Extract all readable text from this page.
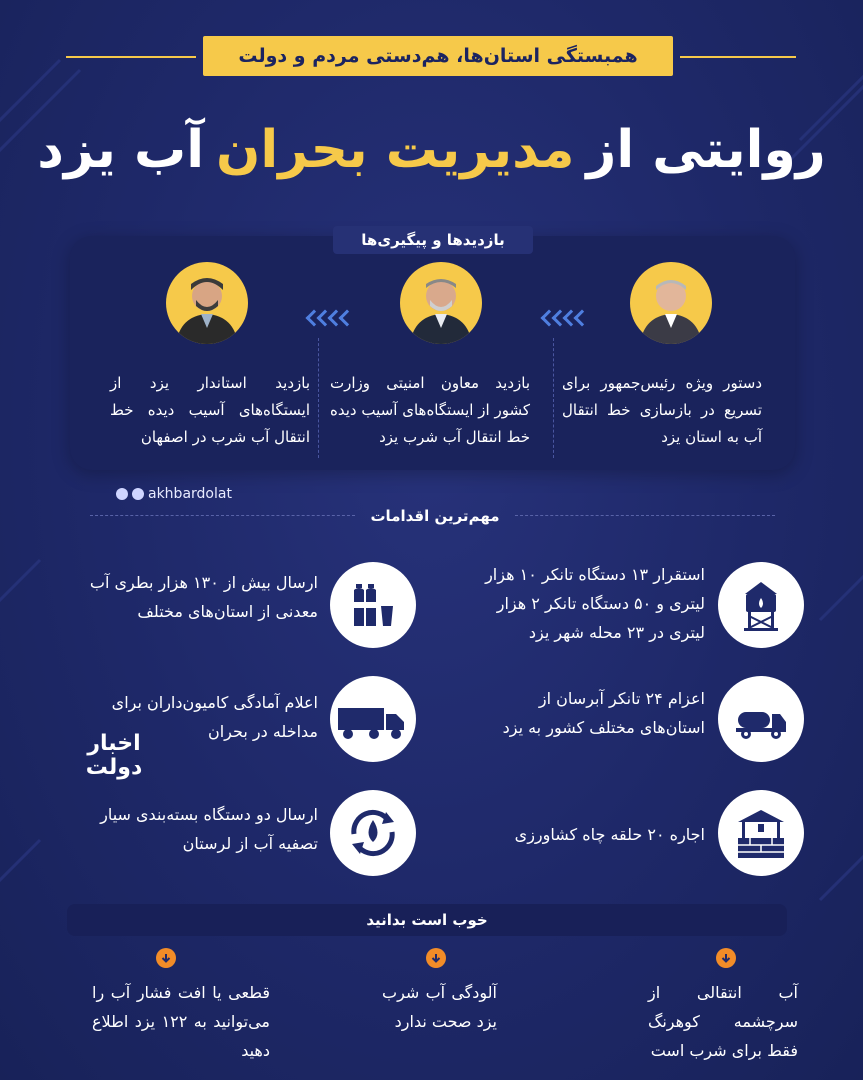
همبستگی استان‌ها، هم‌دستی مردم و دولت
روایتی از
مدیریت بحران
آب یزد
بازدیدها و پیگیری‌ها
دستور ویژه رئیس‌جمهور برای تسریع در بازسازی خط انتقال آب به استان یزد
بازدید معاون امنیتی وزارت کشور از ایستگاه‌های آسیب دیده خط انتقال آب شرب یزد
بازدید استاندار یزد از ایستگاه‌های آسیب دیده خط انتقال آب شرب در اصفهان
akhbardolat
مهم‌ترین اقدامات
استقرار ۱۳ دستگاه تانکر ۱۰ هزار لیتری و ۵۰ دستگاه تانکر ۲ هزار لیتری در ۲۳ محله شهر یزد
ارسال بیش از ۱۳۰ هزار بطری آب معدنی از استان‌های مختلف
اعزام ۲۴ تانکر آبرسان از استان‌های مختلف کشور به یزد
اعلام آمادگی کامیون‌داران برای مداخله در بحران
اجاره ۲۰ حلقه چاه کشاورزی
ارسال دو دستگاه بسته‌بندی سیار تصفیه آب از لرستان
اخبار
دولت
خوب است بدانید
آب انتقالی از سرچشمه کوهرنگ فقط برای شرب است
آلودگی آب شرب یزد صحت ندارد
قطعی یا افت فشار آب را می‌توانید به ۱۲۲ یزد اطلاع دهید
